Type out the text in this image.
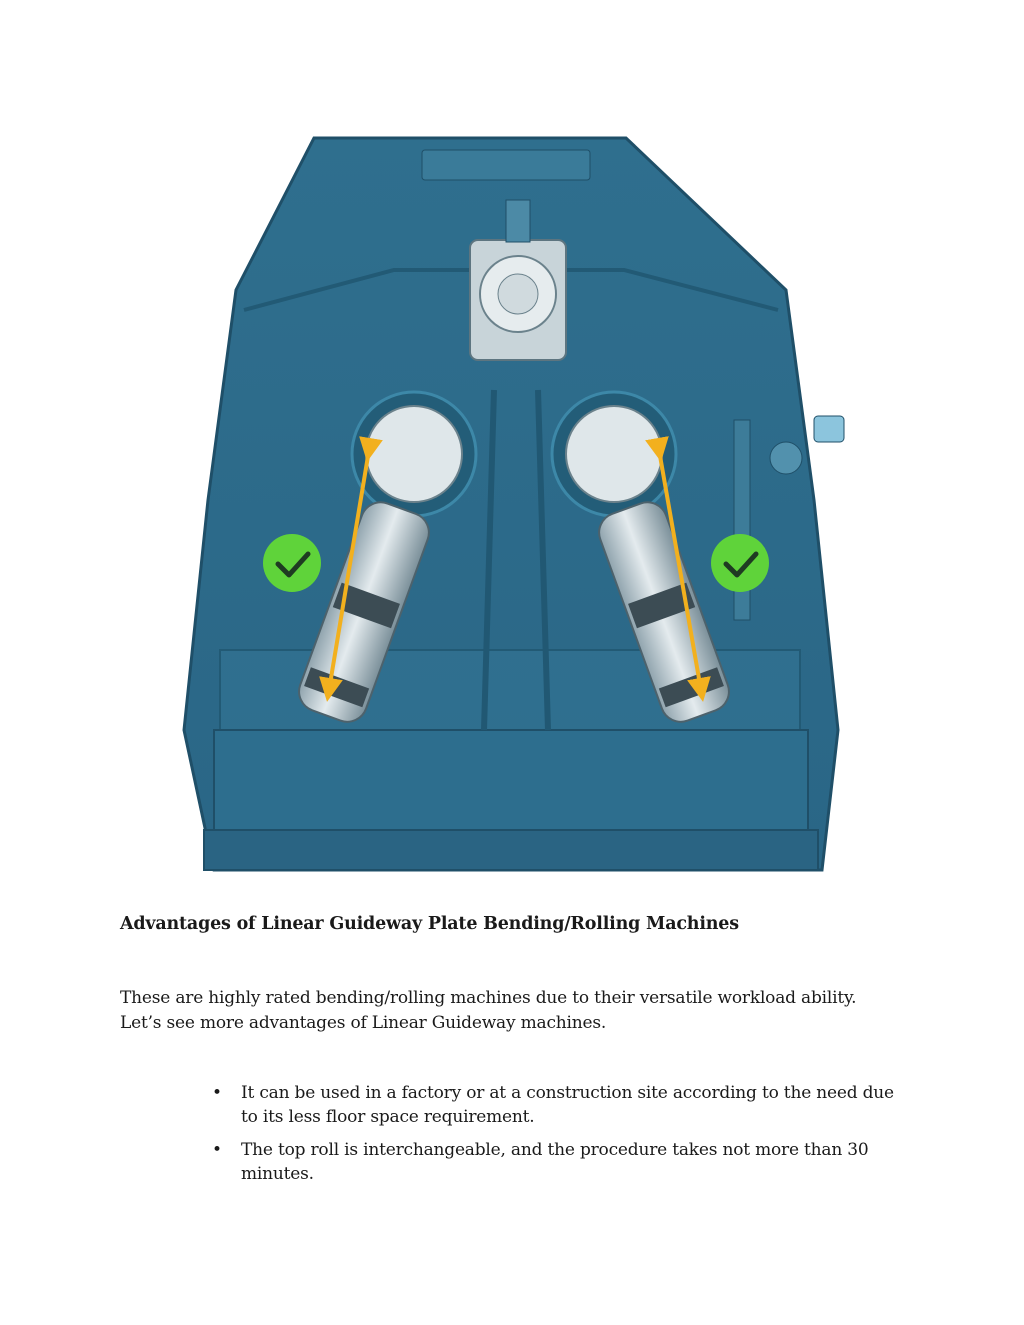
Advantages of Linear Guideway Plate Bending/Rolling Machines

These are highly rated bending/rolling machines due to their versatile workload ability.
Let’s see more advantages of Linear Guideway machines.

• It can be used in a factory or at a construction site according to the need due to its less floor space requirement.
• The top roll is interchangeable, and the procedure takes not more than 30 minutes.
